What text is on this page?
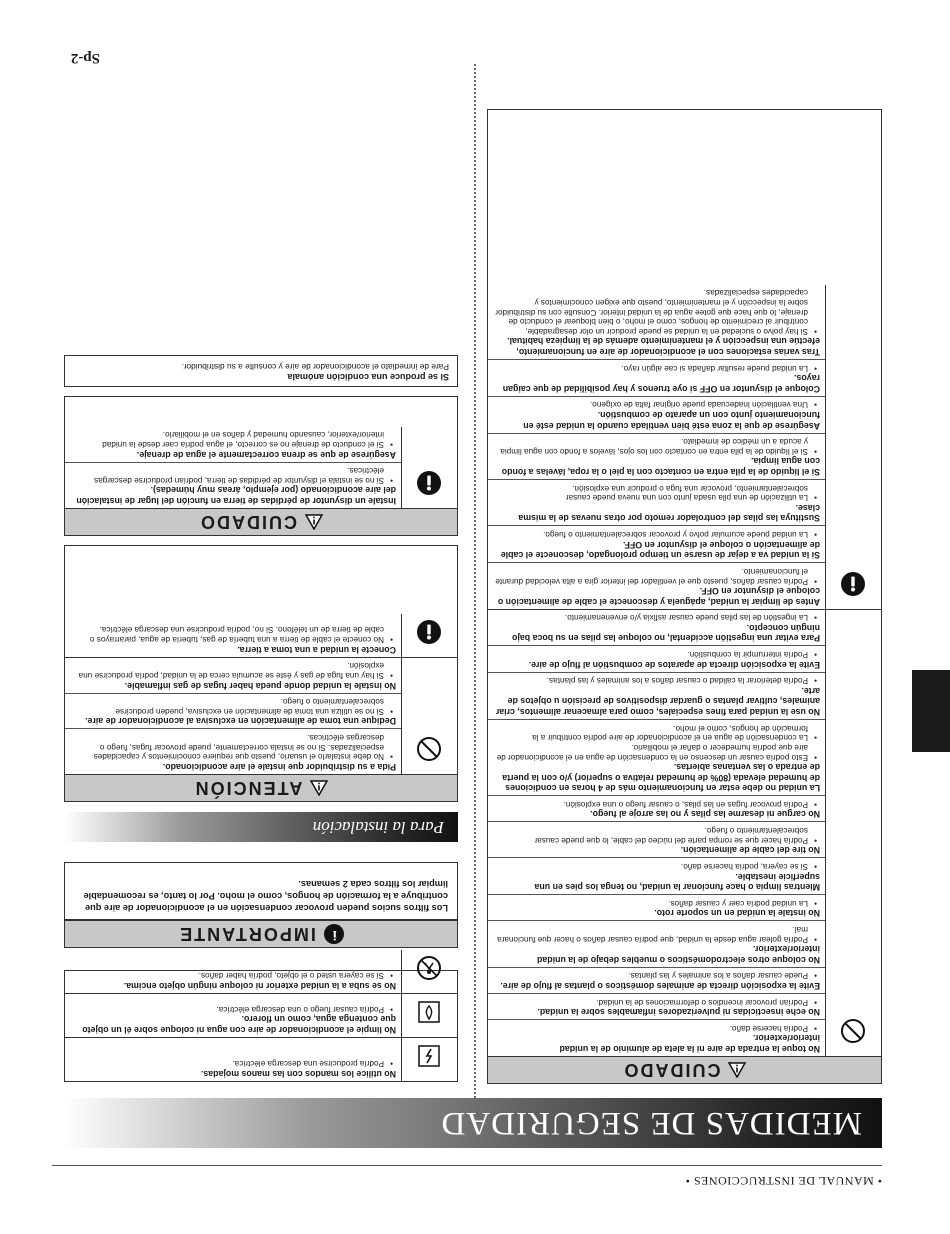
• MANUAL DE INSTRUCCIONES •
Sp-2
MEDIDAS DE SEGURIDAD
CUIDADO
No toque la entrada de aire ni la aleta de aluminio de la unidad interior/exterior.
• Podría hacerse daño.
No eche insecticidas ni pulverizadores inflamables sobre la unidad.
• Podrían provocar incendios o deformaciones de la unidad.
Evite la exposición directa de animales domésticos o plantas al flujo de aire.
• Puede causar daños a los animales y las plantas.
No coloque otros electrodomésticos o muebles debajo de la unidad interior/exterior.
• Podría golear agua desde la unidad, que podría causar daños o hacer que funcionara mal.
No instale la unidad en un soporte roto.
• La unidad podría caer y causar daños.
Mientras limpia o hace funcionar la unidad, no tenga los pies en una superficie inestable.
• Si se cayera, podría hacerse daño.
No tire del cable de alimentación.
• Podría hacer que se rompa parte del núcleo del cable, lo que puede causar sobrecalentamiento o fuego.
No cargue ni desarme las pilas y no las arroje al fuego.
• Podría provocar fugas en las pilas, o causar fuego o una explosión.
La unidad no debe estar en funcionamiento más de 4 horas en condiciones de humedad elevada (80% de humedad relativa o superior) y/o con la puerta de entrada o las ventanas abiertas.
• Esto podría causar un descenso en la condensación de agua en el acondicionador de aire que podría humedecer o dañar el mobiliario.
• La condensación de agua en el acondicionador de aire podría contribuir a la formación de hongos, como el moho.
No use la unidad para fines especiales, como para almacenar alimentos, criar animales, cultivar plantas o guardar dispositivos de precisión u objetos de arte.
• Podría deteriorar la calidad o causar daños a los animales y las plantas.
Evite la exposición directa de aparatos de combustión al flujo de aire.
• Podría interrumpir la combustión.
Para evitar una ingestión accidental, no coloque las pilas en su boca bajo ningún concepto.
• La ingestión de las pilas puede causar asfixia y/o envenenamiento.
Antes de limpiar la unidad, apáguela y desconecte el cable de alimentación o coloque el disyuntor en OFF.
• Podría causar daños, puesto que el ventilador del interior gira a alta velocidad durante el funcionamiento.
Si la unidad va a dejar de usarse un tiempo prolongado, desconecte el cable de alimentación o coloque el disyuntor en OFF.
• La unidad puede acumular polvo y provocar sobrecalentamiento o fuego.
Sustituya las pilas del controlador remoto por otras nuevas de la misma clase.
• La utilización de una pila usada junto con una nueva puede causar sobrecalentamiento, provocar una fuga o producir una explosión.
Si el líquido de la pila entra en contacto con la piel o la ropa, lávelas a fondo con agua limpia.
• Si el líquido de la pila entra en contacto con los ojos, lávelos a fondo con agua limpia y acuda a un médico de inmediato.
Asegúrese de que la zona esté bien ventilada cuando la unidad esté en funcionamiento junto con un aparato de combustión.
• Una ventilación inadecuada puede originar falta de oxígeno.
Coloque el disyuntor en OFF si oye truenos y hay posibilidad de que caigan rayos.
• La unidad puede resultar dañada si cae algún rayo.
Tras varias estaciones con el acondicionador de aire en funcionamiento, efectúe una inspección y el mantenimiento además de la limpieza habitual.
• Si hay polvo o suciedad en la unidad se puede producir un olor desagradable, contribuir al crecimiento de hongos, como el moho, o bien bloquear el conducto de drenaje, lo que hace que gotee agua de la unidad interior. Consulte con su distribuidor sobre la inspección y el mantenimiento, puesto que exigen conocimientos y capacidades especializadas.
No utilice los mandos con las manos mojadas.
• Podría producirse una descarga eléctrica.
No limpie el acondicionador de aire con agua ni coloque sobre él un objeto que contenga agua, como un florero.
• Podría causar fuego o una descarga eléctrica.
No se suba a la unidad exterior ni coloque ningún objeto encima.
• Si se cayera usted o el objeto, podría haber daños.
i
IMPORTANTE
Los filtros sucios pueden provocar condensación en el acondicionador de aire que contribuye a la formación de hongos, como el moho. Por lo tanto, es recomendable limpiar los filtros cada 2 semanas.
Para la instalación
ATENCIÓN
Pida a su distribuidor que instale el aire acondicionado.
• No debe instalarlo el usuario, puesto que requiere conocimientos y capacidades especializadas. Si no se instala correctamente, puede provocar fugas, fuego o descargas eléctricas.
Dedique una toma de alimentación en exclusiva al acondicionador de aire.
• Si no se utiliza una toma de alimentación en exclusiva, pueden producirse sobrecalentamiento o fuego.
No instale la unidad donde pueda haber fugas de gas inflamable.
• Si hay una fuga de gas y éste se acumula cerca de la unidad, podría producirse una explosión.
Conecte la unidad a una toma a tierra.
• No conecte el cable de tierra a una tubería de gas, tubería de agua, pararrayos o cable de tierra de un teléfono. Si no, podría producirse una descarga eléctrica.
CUIDADO
Instale un disyuntor de pérdidas de tierra en función del lugar de instalación del aire acondicionado (por ejemplo, áreas muy húmedas).
• Si no se instala el disyuntor de pérdidas de tierra, podrían producirse descargas eléctricas.
Asegúrese de que se drena correctamente el agua de drenaje.
• Si el conducto de drenaje no es correcto, el agua podría caer desde la unidad interior/exterior, causando humedad y daños en el mobiliario.
Si se produce una condición anómala
Pare de inmediato el acondicionador de aire y consulte a su distribuidor.
